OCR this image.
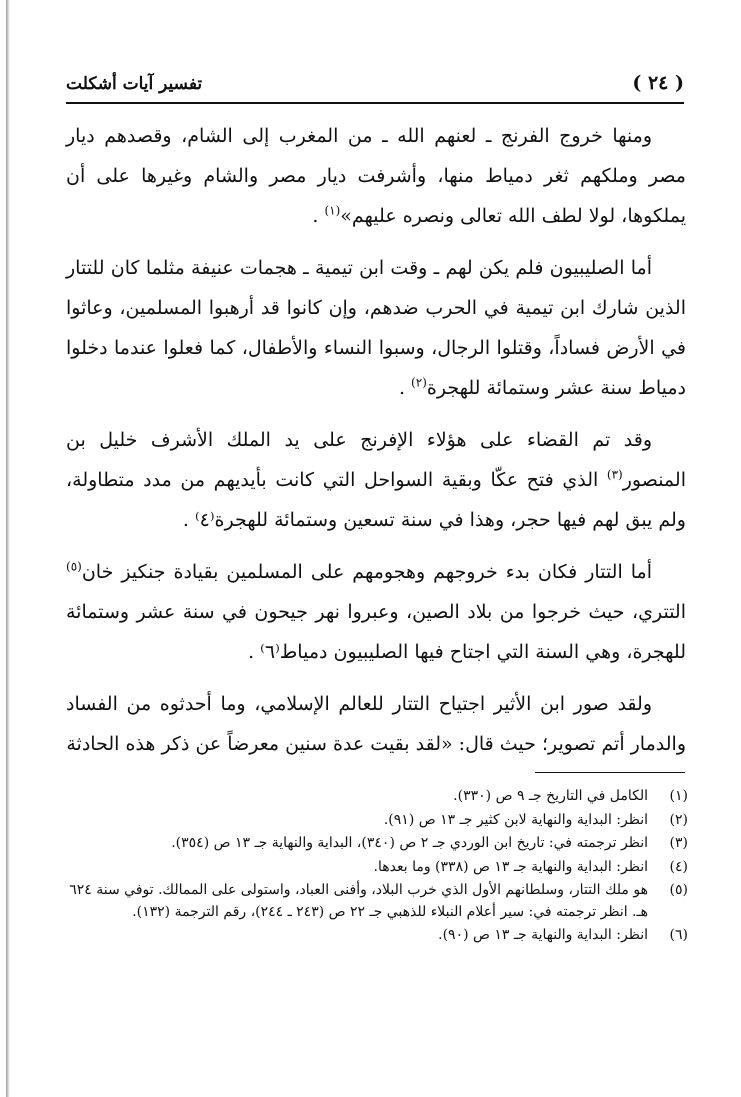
( ٢٤ )
تفسير آيات أشكلت

ومنها خروج الفرنج ـ لعنهم الله ـ من المغرب إلى الشام، وقصدهم ديار مصر وملكهم ثغر دمياط منها، وأشرفت ديار مصر والشام وغيرها على أن يملكوها، لولا لطف الله تعالى ونصره عليهم»$^{(١)}$ .

أما الصليبيون فلم يكن لهم ـ وقت ابن تيمية ـ هجمات عنيفة مثلما كان للتتار الذين شارك ابن تيمية في الحرب ضدهم، وإن كانوا قد أرهبوا المسلمين، وعاثوا في الأرض فساداً، وقتلوا الرجال، وسبوا النساء والأطفال، كما فعلوا عندما دخلوا دمياط سنة عشر وستمائة للهجرة$^{(٢)}$ .

وقد تم القضاء على هؤلاء الإفرنج على يد الملك الأشرف خليل بن المنصور$^{(٣)}$ الذي فتح عكّا وبقية السواحل التي كانت بأيديهم من مدد متطاولة، ولم يبق لهم فيها حجر، وهذا في سنة تسعين وستمائة للهجرة⁽٤⁾ .

أما التتار فكان بدء خروجهم وهجومهم على المسلمين بقيادة جنكيز خان$^{(٥)}$ التتري، حيث خرجوا من بلاد الصين، وعبروا نهر جيحون في سنة عشر وستمائة للهجرة، وهي السنة التي اجتاح فيها الصليبيون دمياط⁽٦⁾ .

ولقد صور ابن الأثير اجتياح التتار للعالم الإسلامي، وما أحدثوه من الفساد والدمار أتم تصوير؛ حيث قال: «لقد بقيت عدة سنين معرضاً عن ذكر هذه الحادثة

(١)
الكامل في التاريخ جـ ٩ ص (٣٣٠).
(٢)
انظر: البداية والنهاية لابن كثير جـ ١٣ ص (٩١).
(٣)
انظر ترجمته في: تاريخ ابن الوردي جـ ٢ ص (٣٤٠)، البداية والنهاية جـ ١٣ ص (٣٥٤).
(٤)
انظر: البداية والنهاية جـ ١٣ ص (٣٣٨) وما بعدها.
(٥)
هو ملك التتار، وسلطانهم الأول الذي خرب البلاد، وأفنى العباد، واستولى على الممالك. توفي سنة ٦٢٤ هـ. انظر ترجمته في: سير أعلام النبلاء للذهبي جـ ٢٢ ص (٢٤٣ ـ ٢٤٤)، رقم الترجمة (١٣٢).
(٦)
انظر: البداية والنهاية جـ ١٣ ص (٩٠).
